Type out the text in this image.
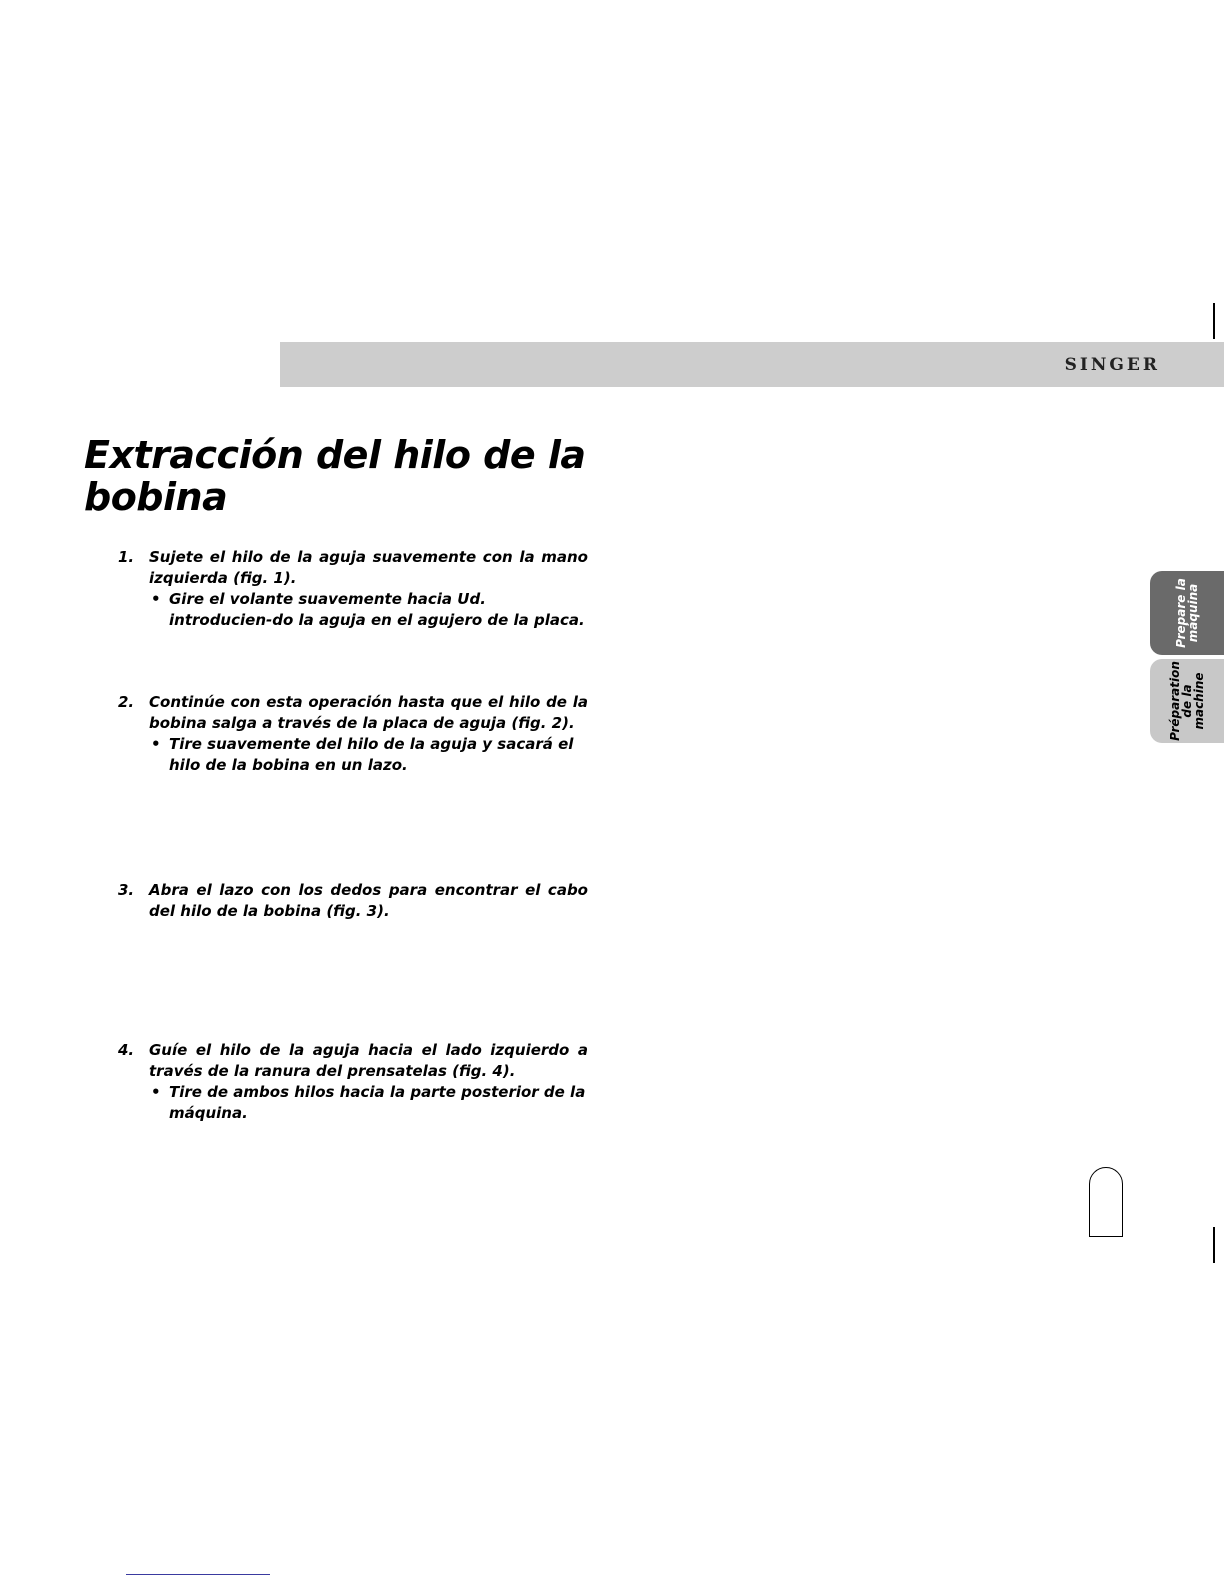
SINGER
Extracción del hilo de la bobina
1. Sujete el hilo de la aguja suavemente con la mano izquierda (fig. 1).
• Gire el volante suavemente hacia Ud. introducien-do la aguja en el agujero de la placa.
2. Continúe con esta operación hasta que el hilo de la bobina salga a través de la placa de aguja (fig. 2).
• Tire suavemente del hilo de la aguja y sacará el hilo de la bobina en un lazo.
3. Abra el lazo con los dedos para encontrar el cabo del hilo de la bobina (fig. 3).
4. Guíe el hilo de la aguja hacia el lado izquierdo a través de la ranura del prensatelas (fig. 4).
• Tire de ambos hilos hacia la parte posterior de la máquina.
Prepare la
máquina
Préparation
de la
machine
